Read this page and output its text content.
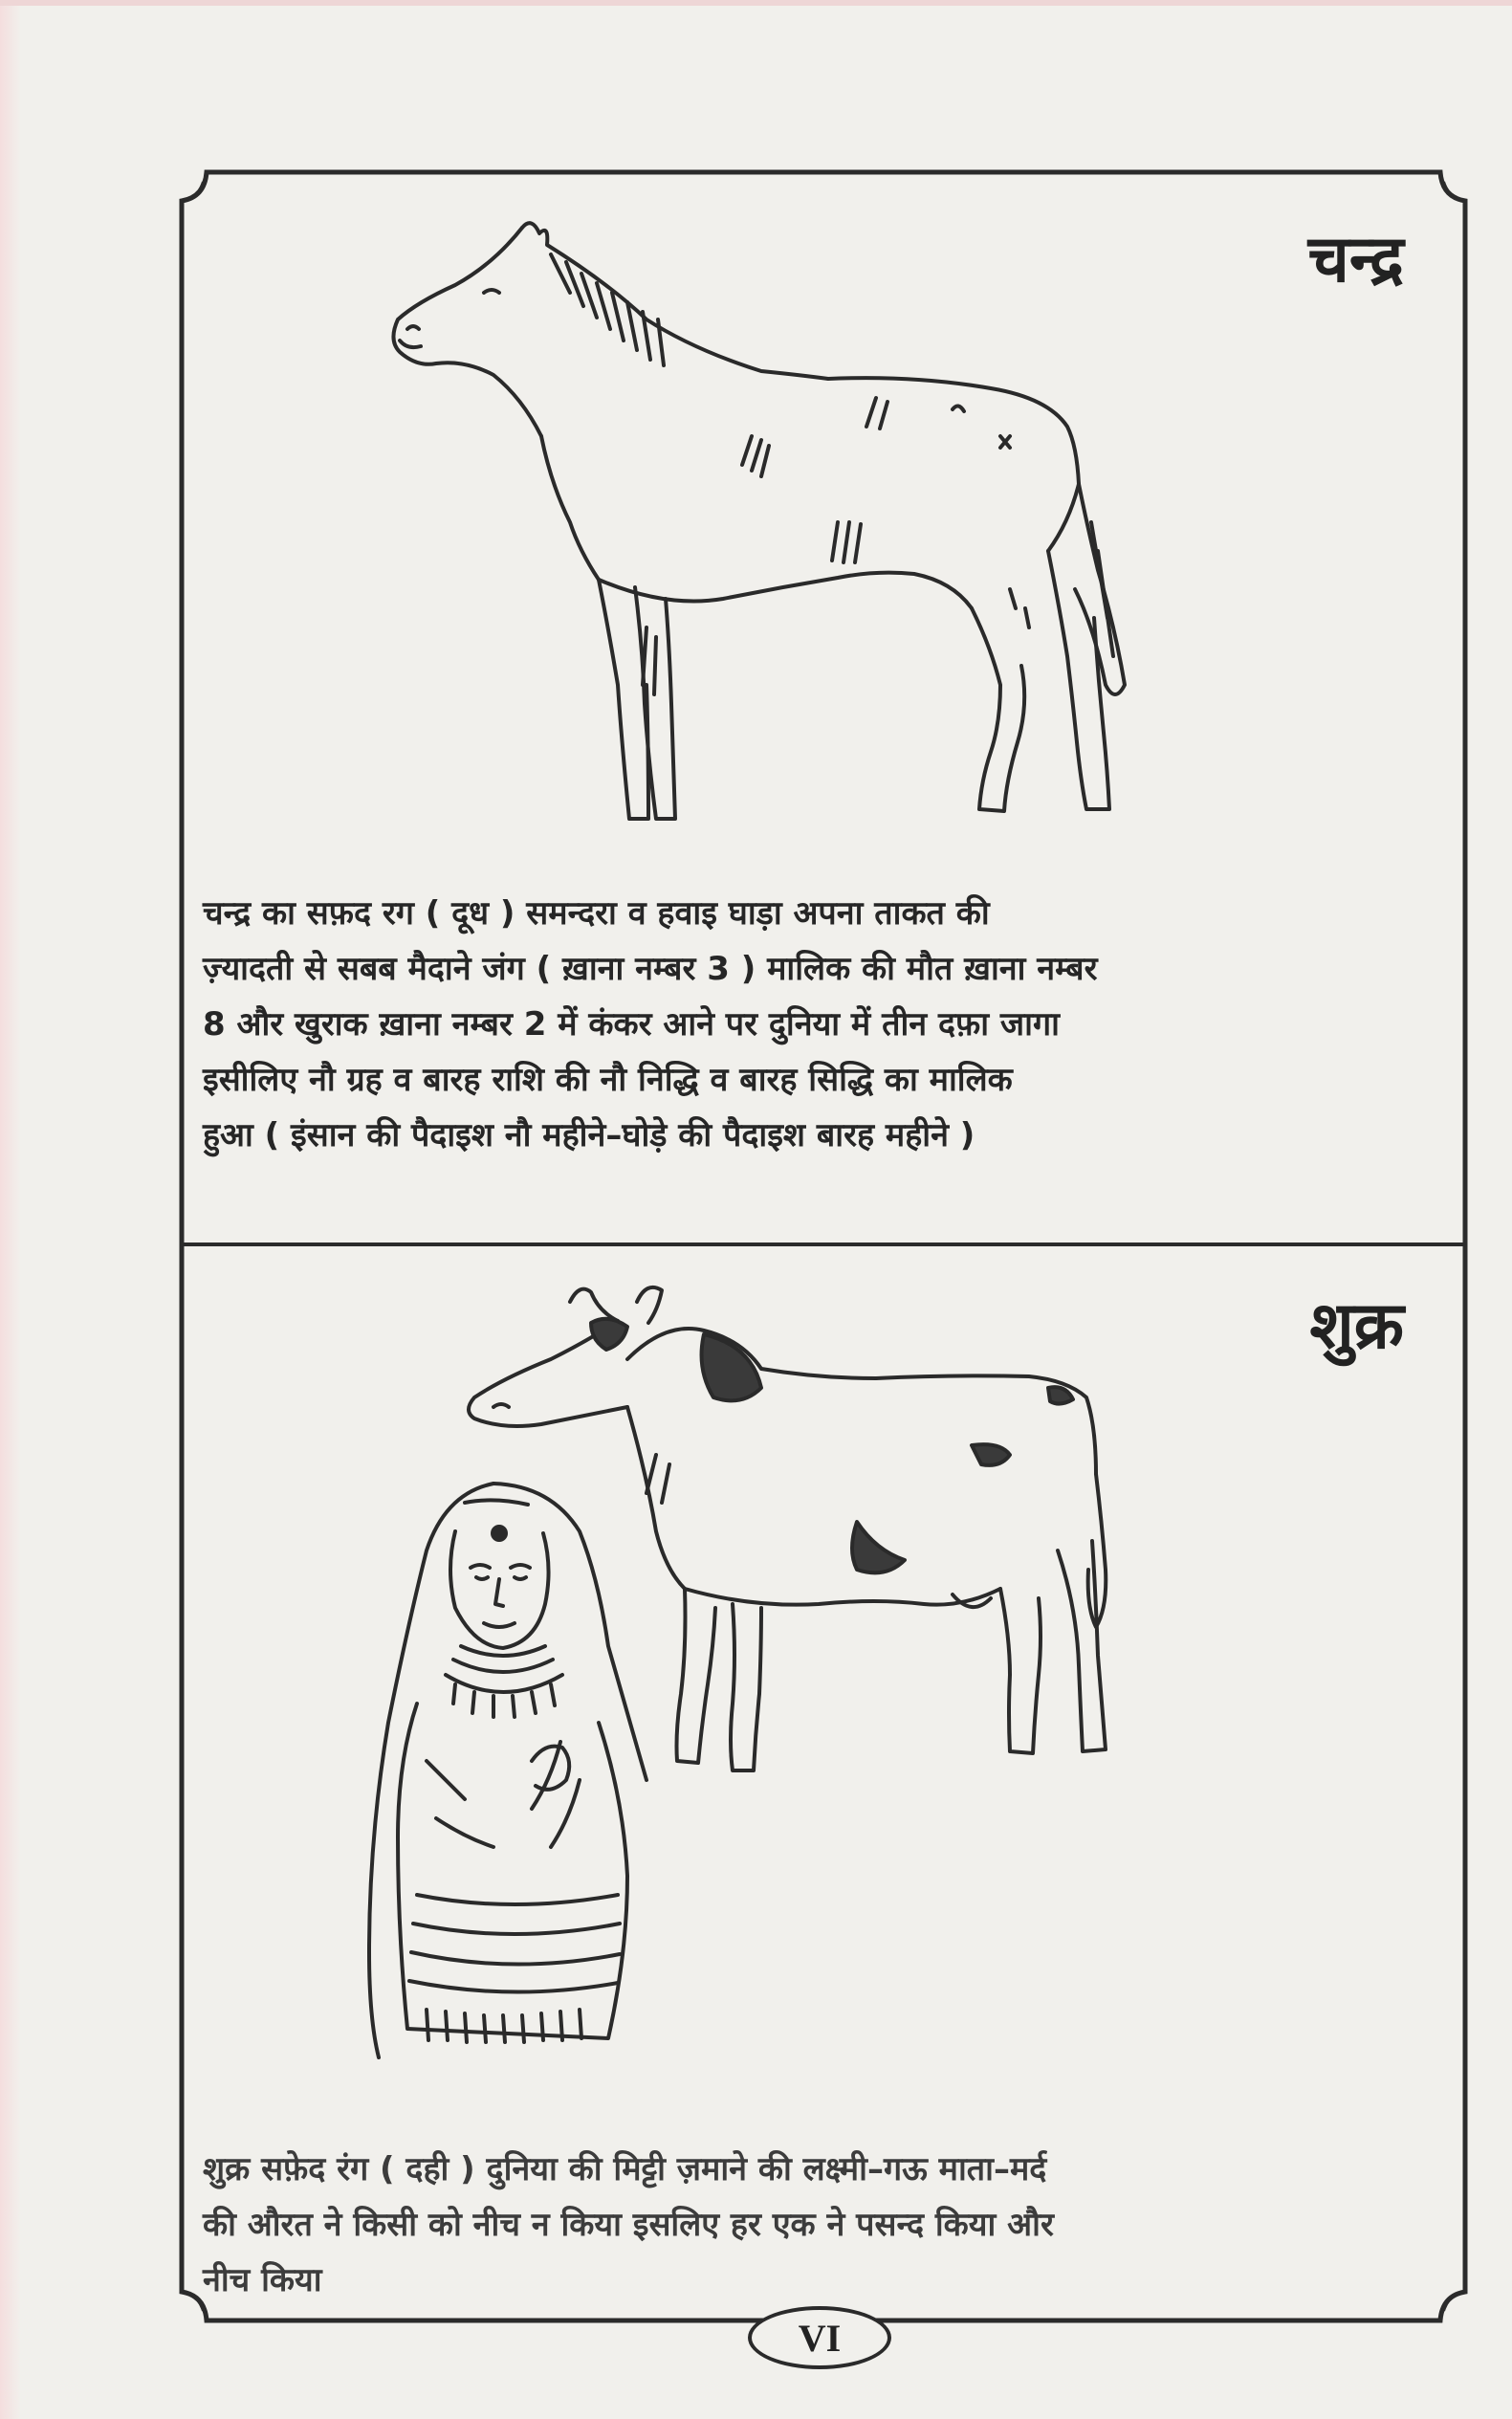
चन्द्र
चन्द्र का सफ़द रग ( दूध ) समन्दरा व हवाइ घाड़ा अपना ताकत की
ज़्यादती से सबब मैदाने जंग ( ख़ाना नम्बर 3 ) मालिक की मौत ख़ाना नम्बर
8 और खुराक ख़ाना नम्बर 2 में कंकर आने पर दुनिया में तीन दफ़ा जागा
इसीलिए नौ ग्रह व बारह राशि की नौ निद्धि व बारह सिद्धि का मालिक
हुआ ( इंसान की पैदाइश नौ महीने–घोड़े की पैदाइश बारह महीने )
शुक्र
शुक्र सफ़ेद रंग ( दही ) दुनिया की मिट्टी ज़माने की लक्ष्मी–गऊ माता–मर्द
की औरत ने किसी को नीच न किया इसलिए हर एक ने पसन्द किया और
नीच किया
VI
